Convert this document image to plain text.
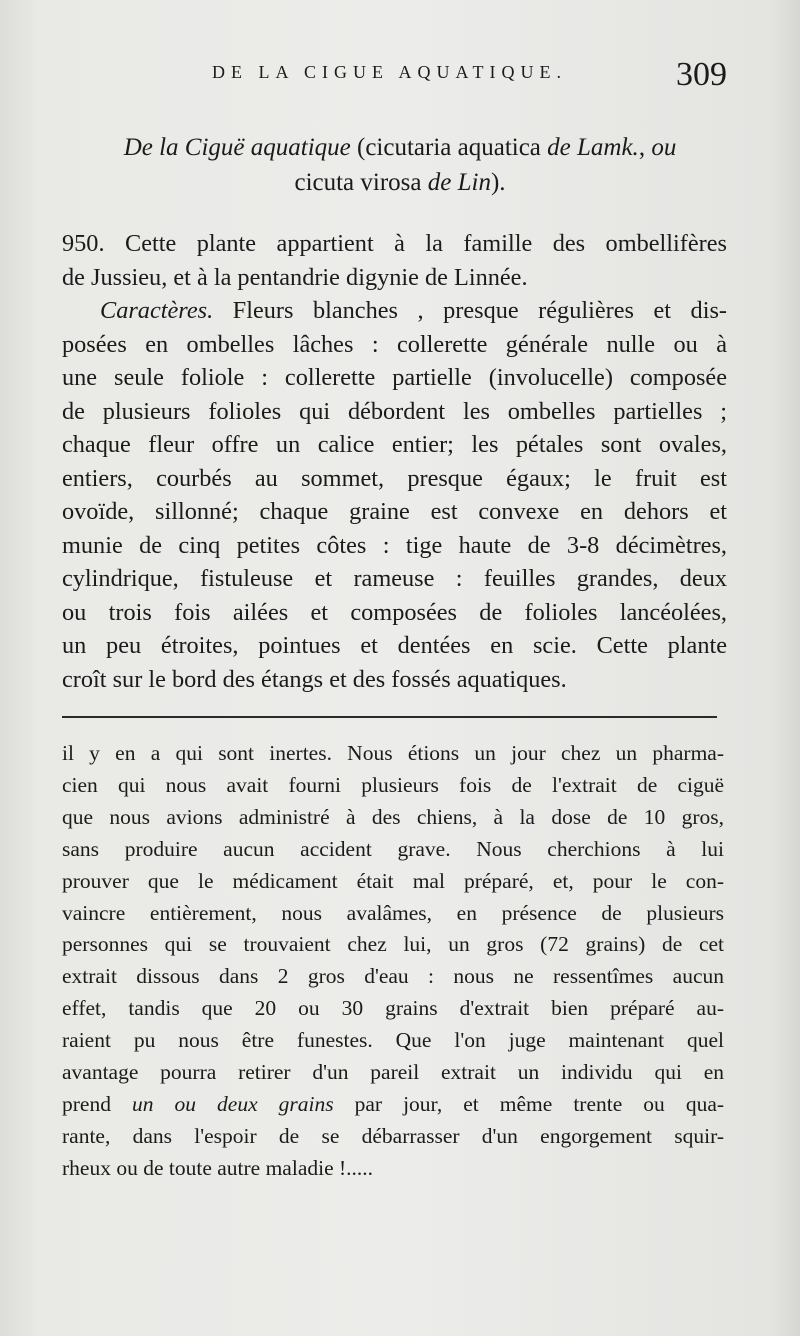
DE LA CIGUE AQUATIQUE.	309
De la Ciguë aquatique (cicutaria aquatica de Lamk., ou
cicuta virosa de Lin).
950. Cette plante appartient à la famille des ombellifères
de Jussieu, et à la pentandrie digynie de Linnée.
Caractères. Fleurs blanches , presque régulières et dis-
posées en ombelles lâches : collerette générale nulle ou à
une seule foliole : collerette partielle (involucelle) composée
de plusieurs folioles qui débordent les ombelles partielles ;
chaque fleur offre un calice entier; les pétales sont ovales,
entiers, courbés au sommet, presque égaux; le fruit est
ovoïde, sillonné; chaque graine est convexe en dehors et
munie de cinq petites côtes : tige haute de 3-8 décimètres,
cylindrique, fistuleuse et rameuse : feuilles grandes, deux
ou trois fois ailées et composées de folioles lancéolées,
un peu étroites, pointues et dentées en scie. Cette plante
croît sur le bord des étangs et des fossés aquatiques.
il y en a qui sont inertes. Nous étions un jour chez un pharma-
cien qui nous avait fourni plusieurs fois de l'extrait de ciguë
que nous avions administré à des chiens, à la dose de 10 gros,
sans produire aucun accident grave. Nous cherchions à lui
prouver que le médicament était mal préparé, et, pour le con-
vaincre entièrement, nous avalâmes, en présence de plusieurs
personnes qui se trouvaient chez lui, un gros (72 grains) de cet
extrait dissous dans 2 gros d'eau : nous ne ressentîmes aucun
effet, tandis que 20 ou 30 grains d'extrait bien préparé au-
raient pu nous être funestes. Que l'on juge maintenant quel
avantage pourra retirer d'un pareil extrait un individu qui en
prend un ou deux grains par jour, et même trente ou qua-
rante, dans l'espoir de se débarrasser d'un engorgement squir-
rheux ou de toute autre maladie !.....
